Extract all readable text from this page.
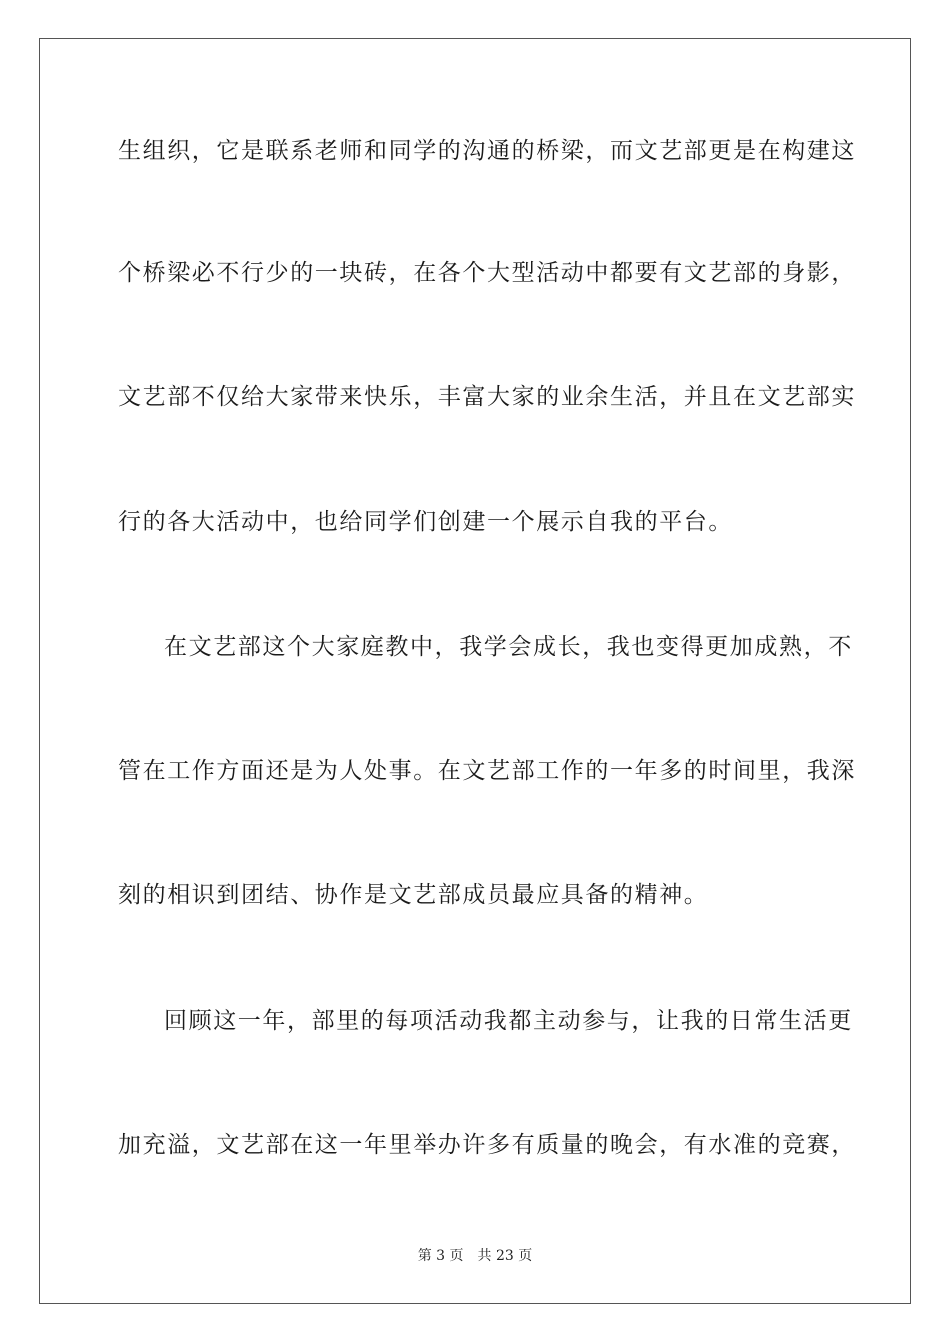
生组织，它是联系老师和同学的沟通的桥梁，而文艺部更是在构建这
个桥梁必不行少的一块砖，在各个大型活动中都要有文艺部的身影，
文艺部不仅给大家带来快乐，丰富大家的业余生活，并且在文艺部实
行的各大活动中，也给同学们创建一个展示自我的平台。
在文艺部这个大家庭教中，我学会成长，我也变得更加成熟，不
管在工作方面还是为人处事。在文艺部工作的一年多的时间里，我深
刻的相识到团结、协作是文艺部成员最应具备的精神。
回顾这一年，部里的每项活动我都主动参与，让我的日常生活更
加充溢，文艺部在这一年里举办许多有质量的晚会，有水准的竞赛，
第 3 页 共 23 页
